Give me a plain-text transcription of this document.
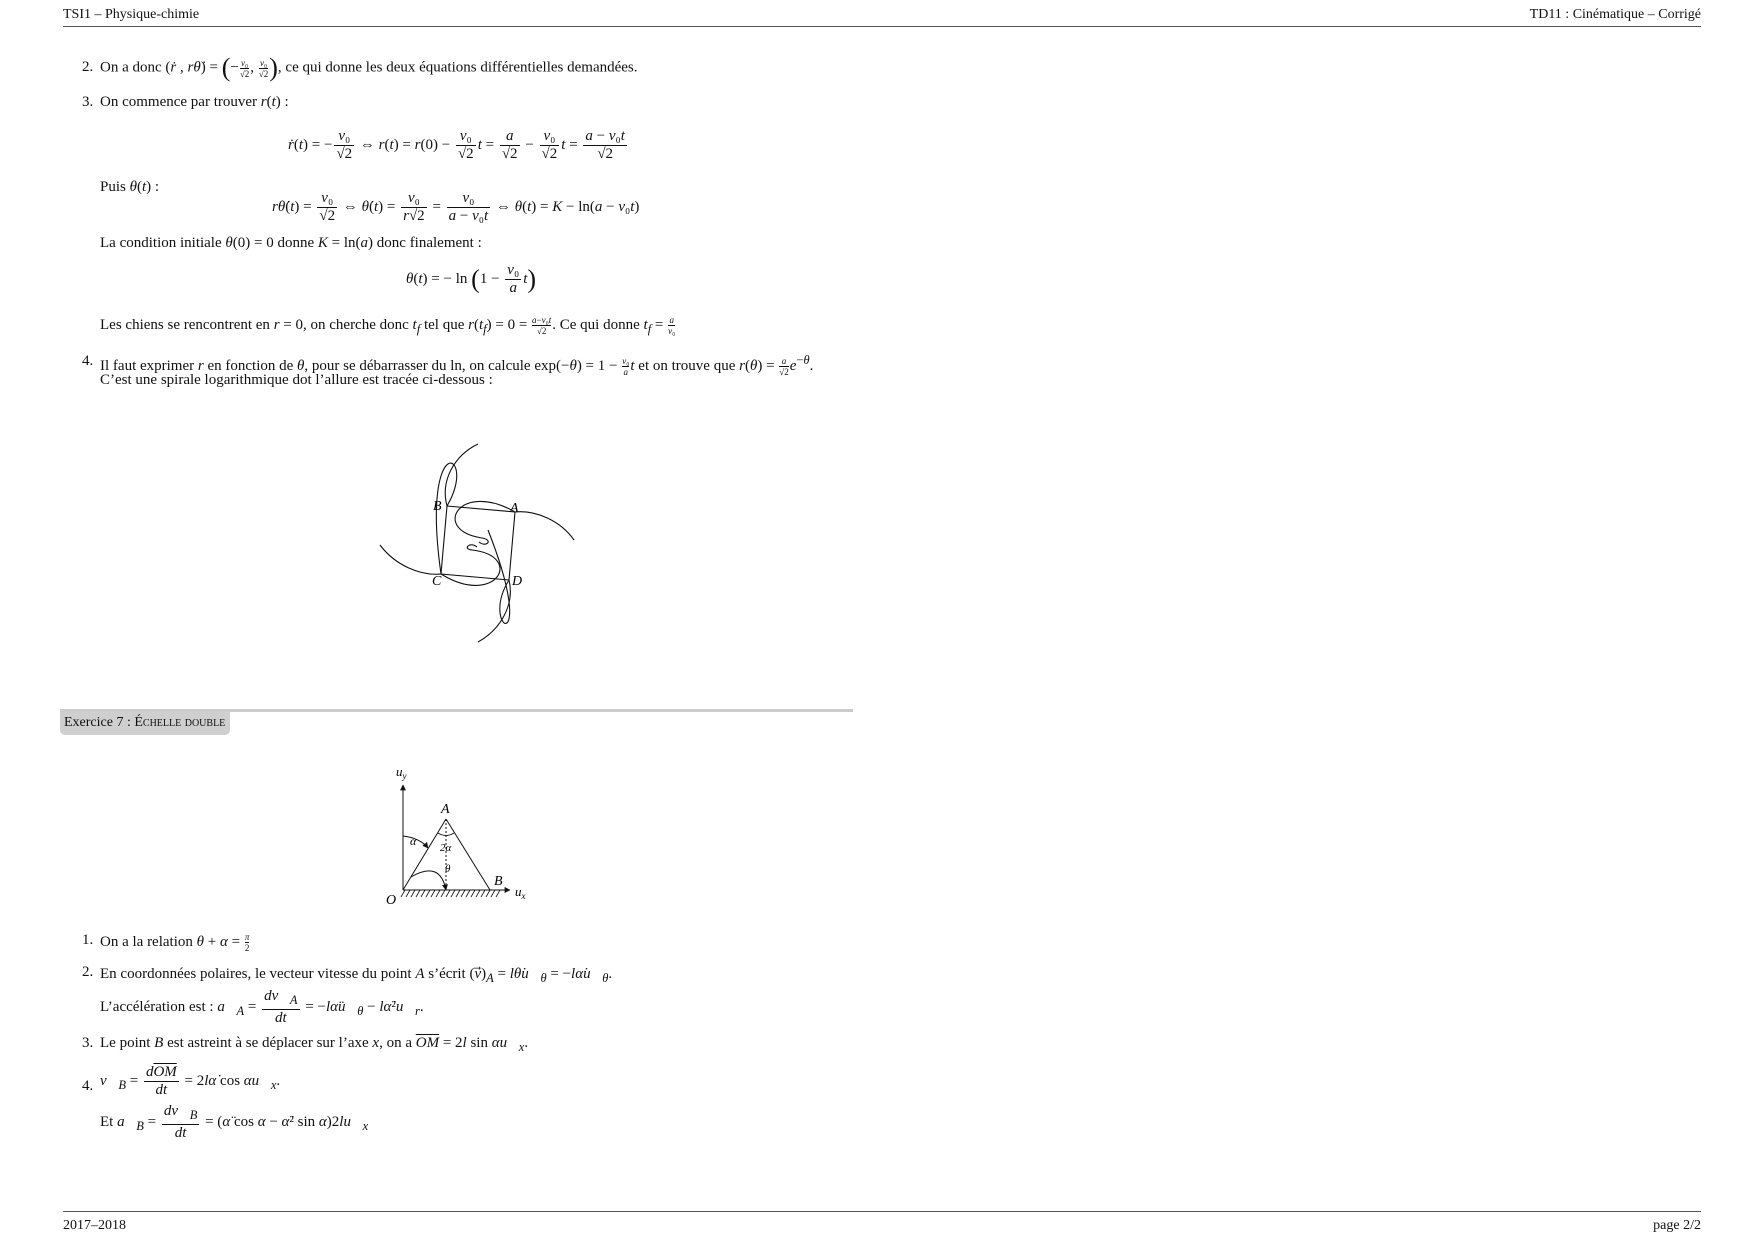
TSI1 – Physique-chimie	TD11 : Cinématique – Corrigé
2. On a donc (ṙ , rθ̇) = (− $\frac{\text{v₀}}{√2}$ , $\frac{\text{v₀}}{√2}$ ), ce qui donne les deux équations différentielles demandées.
3. On commence par trouver r(t) :
ṙ(t) = − $\frac{\text{v₀}}{√2}$ ⇔ $r(t) = r(0) - \frac{\text{v₀}}{√2}$ $t = \frac{a}{√2} - \frac{\text{v₀}}{√2}$ $t = \frac{\text{a − v₀t}}{√2}$
Puis θ(t) :
rθ̇(t) = $\frac{\text{v₀}}{√2}$ ⇔ θ̇(t) = $\frac{\text{v₀}}{r√2} = \frac{\text{v₀}}{\text{a − v₀t}}$ ⇔ θ(t) = K − ln(a − v₀t)
La condition initiale θ(0) = 0 donne K = ln(a) donc finalement :
θ(t) = − $\ln (1 - \frac{\text{v₀}}{a} t)$
Les chiens se rencontrent en r = 0, on cherche donc $t_f$ tel que $r(t_f) = 0 = \frac{\text{a−v₀t}}{√2}$ . Ce qui donne $t_f = \frac{a}{\text{v₀}}$
4. Il faut exprimer r en fonction de θ, pour se débarrasser du ln, on calcule $\exp(-\theta) = 1 - \frac{\text{v₀}}{a}$ t et on trouve que $r(\theta) = \frac{a}{√2} e^{-\theta}$.
C’est une spirale logarithmique dot l’allure est tracée ci-dessous :
A
B
C	D
Exercice 7 : Échelle double
$u_y$
$u_x$
A
B
O
α 2α
θ
1. On a la relation $\theta + \alpha = \frac{\pi}{2}$
2. En coordonnées polaires, le vecteur vitesse du point A s’écrit $(v⃗)_A$ = $l\thetȧu⃗_\theta$ = $-l\alphȧu⃗_\theta$.
L’accélération est : $a⃗_A = \frac{dv⃗_A}{dt}$ = $-l\alphäu⃗_\theta$ − $l\alphȧ^2u⃗_r$.
3. Le point B est astreint à se déplacer sur l’axe x, on a $\overline{OM} = 2l$ $\sin \alpha u⃗_x$.
4. $v⃗_B = \frac{d\overline{OM}}{dt}$ = 2lα̇ $\cos \alpha u⃗_x$.
Et $a⃗_B = \frac{dv⃗_B}{dt}$ = (α̈ cos α − α̇² $\sin \alpha)2lu⃗_x$
2017–2018	page 2/2
